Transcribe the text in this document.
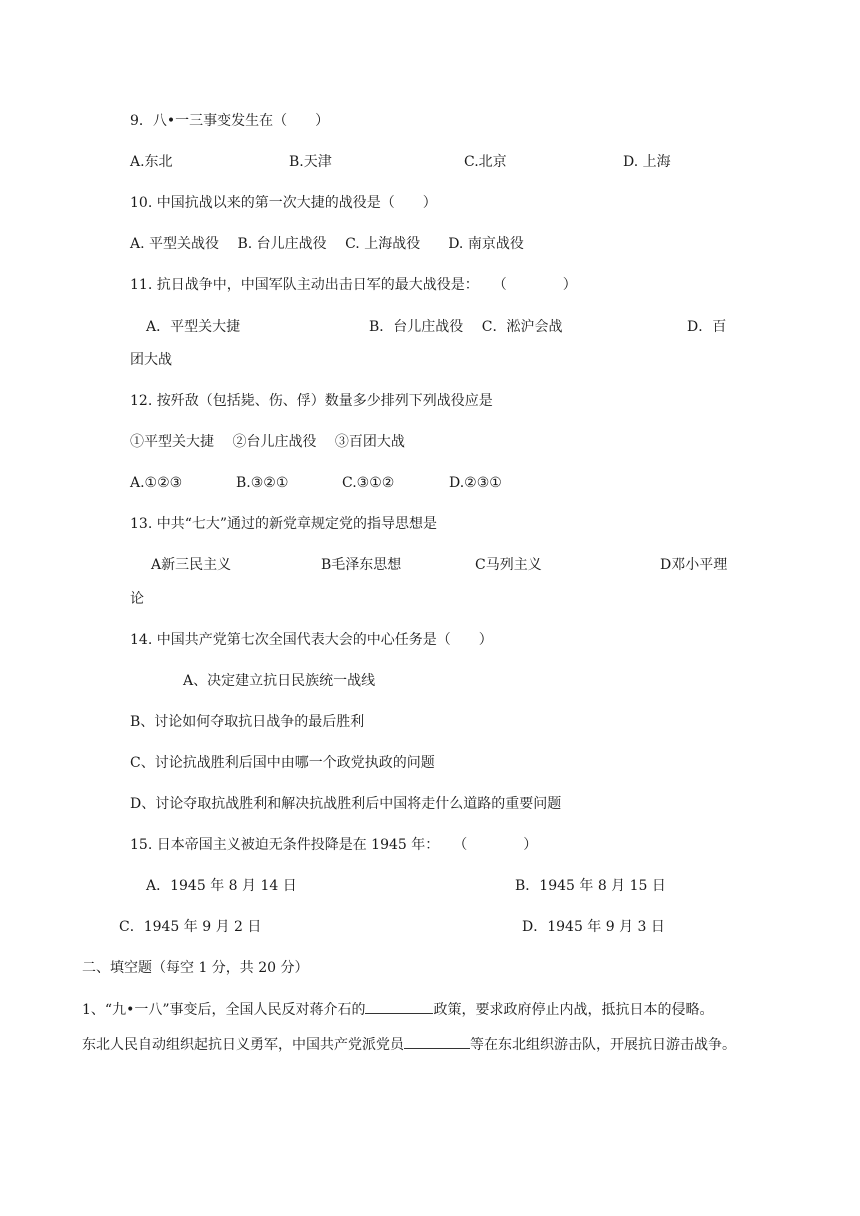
9．八•一三事变发生在（　　）
A.东北	B.天津	C.北京	D. 上海
10. 中国抗战以来的第一次大捷的战役是（　　）
A. 平型关战役　 B. 台儿庄战役　 C. 上海战役　　D. 南京战役
11. 抗日战争中，中国军队主动出击日军的最大战役是：　　（　　　　）
A．平型关大捷	B．台儿庄战役　 C．淞沪会战	D．百
团大战
12. 按歼敌（包括毙、伤、俘）数量多少排列下列战役应是
①平型关大捷　 ②台儿庄战役　 ③百团大战
A.①②③	B.③②①	C.③①②	D.②③①
13. 中共“七大”通过的新党章规定党的指导思想是
A新三民主义	B毛泽东思想	C马列主义	D邓小平理
论
14. 中国共产党第七次全国代表大会的中心任务是（　　）
A、决定建立抗日民族统一战线
B、讨论如何夺取抗日战争的最后胜利
C、讨论抗战胜利后国中由哪一个政党执政的问题
D、讨论夺取抗战胜利和解决抗战胜利后中国将走什么道路的重要问题
15. 日本帝国主义被迫无条件投降是在 1945 年：　　（　　　　）
A．1945 年 8 月 14 日	B．1945 年 8 月 15 日
C．1945 年 9 月 2 日	D．1945 年 9 月 3 日
二、填空题（每空 1 分，共 20 分）
1、“九•一八”事变后，全国人民反对蒋介石的	政策，要求政府停止内战，抵抗日本的侵略。
东北人民自动组织起抗日义勇军，中国共产党派党员	等在东北组织游击队，开展抗日游击战争。
